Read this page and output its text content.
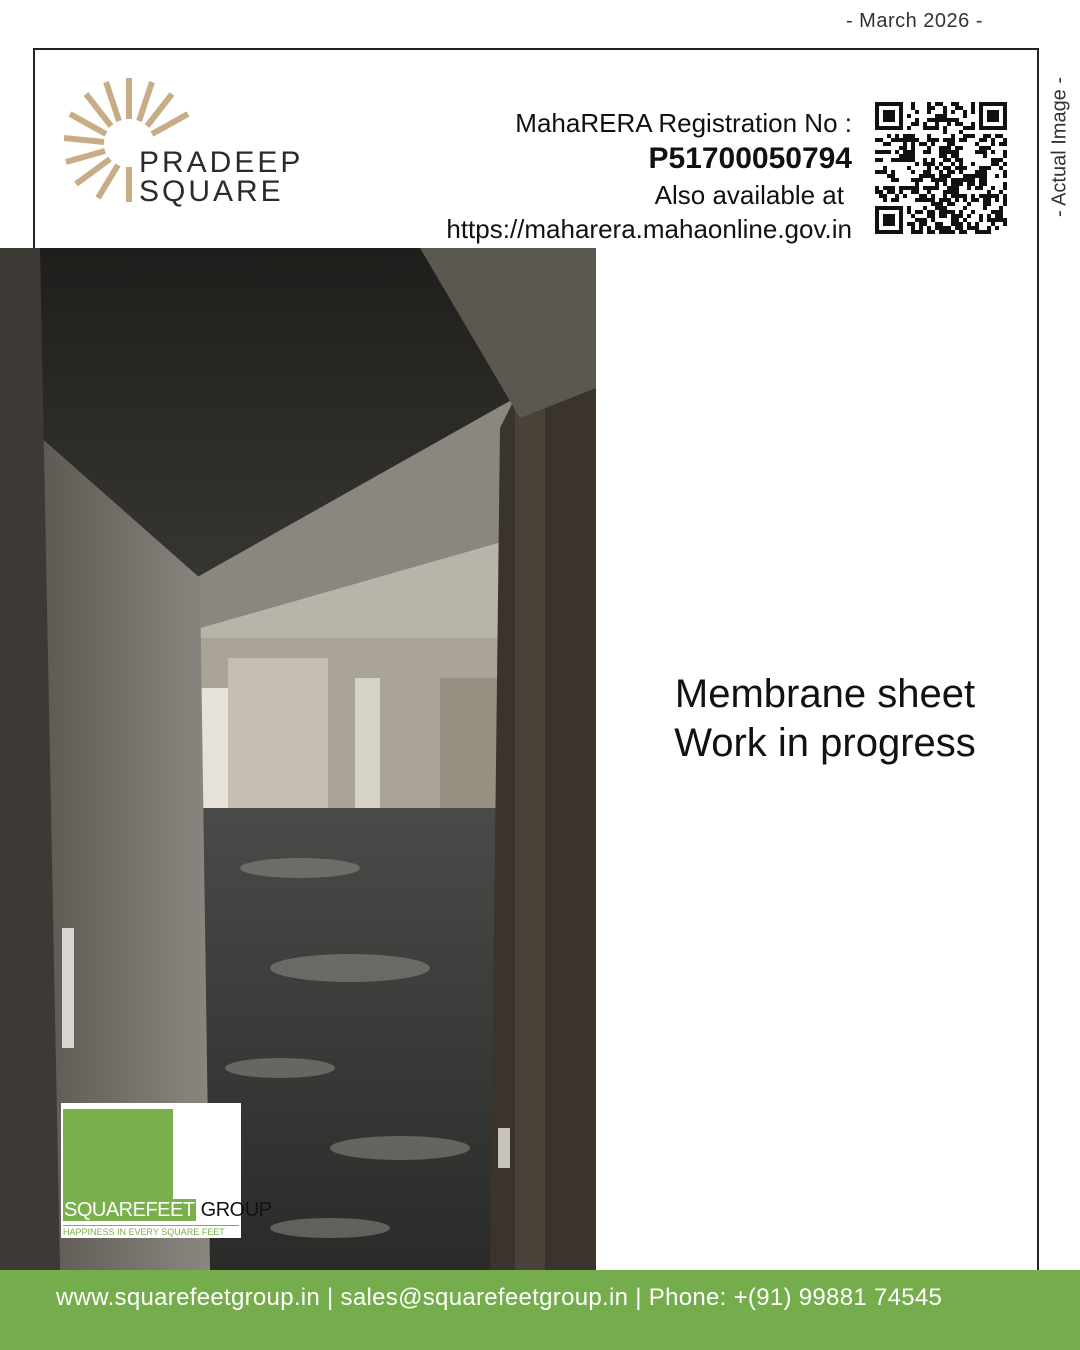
- March 2026 -
- Actual Image -
PRADEEP
SQUARE
MahaRERA Registration No :
P51700050794
Also available at
https://maharera.mahaonline.gov.in
Membrane sheet
Work in progress
SQUAREFEET GROUP
HAPPINESS IN EVERY SQUARE FEET
www.squarefeetgroup.in | sales@squarefeetgroup.in | Phone: +(91) 99881 74545
